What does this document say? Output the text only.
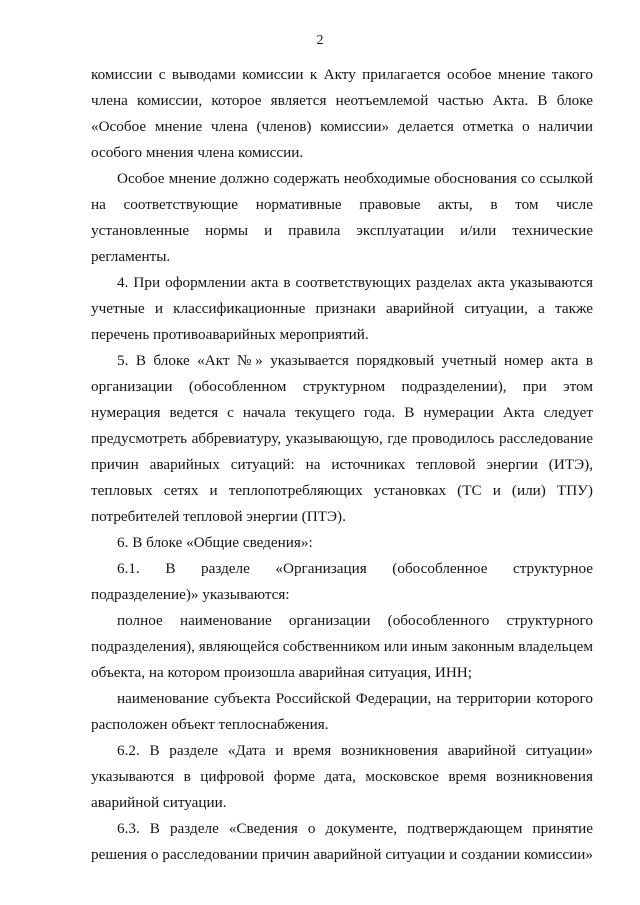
2

комиссии с выводами комиссии к Акту прилагается особое мнение такого члена комиссии, которое является неотъемлемой частью Акта. В блоке «Особое мнение члена (членов) комиссии» делается отметка о наличии особого мнения члена комиссии.

Особое мнение должно содержать необходимые обоснования со ссылкой на соответствующие нормативные правовые акты, в том числе установленные нормы и правила эксплуатации и/или технические регламенты.

4. При оформлении акта в соответствующих разделах акта указываются учетные и классификационные признаки аварийной ситуации, а также перечень противоаварийных мероприятий.

5. В блоке «Акт №» указывается порядковый учетный номер акта в организации (обособленном структурном подразделении), при этом нумерация ведется с начала текущего года. В нумерации Акта следует предусмотреть аббревиатуру, указывающую, где проводилось расследование причин аварийных ситуаций: на источниках тепловой энергии (ИТЭ), тепловых сетях и теплопотребляющих установках (ТС и (или) ТПУ) потребителей тепловой энергии (ПТЭ).

6. В блоке «Общие сведения»:

6.1. В разделе «Организация (обособленное структурное подразделение)» указываются:

полное наименование организации (обособленного структурного подразделения), являющейся собственником или иным законным владельцем объекта, на котором произошла аварийная ситуация, ИНН;

наименование субъекта Российской Федерации, на территории которого расположен объект теплоснабжения.

6.2. В разделе «Дата и время возникновения аварийной ситуации» указываются в цифровой форме дата, московское время возникновения аварийной ситуации.

6.3. В разделе «Сведения о документе, подтверждающем принятие решения о расследовании причин аварийной ситуации и создании комиссии»
